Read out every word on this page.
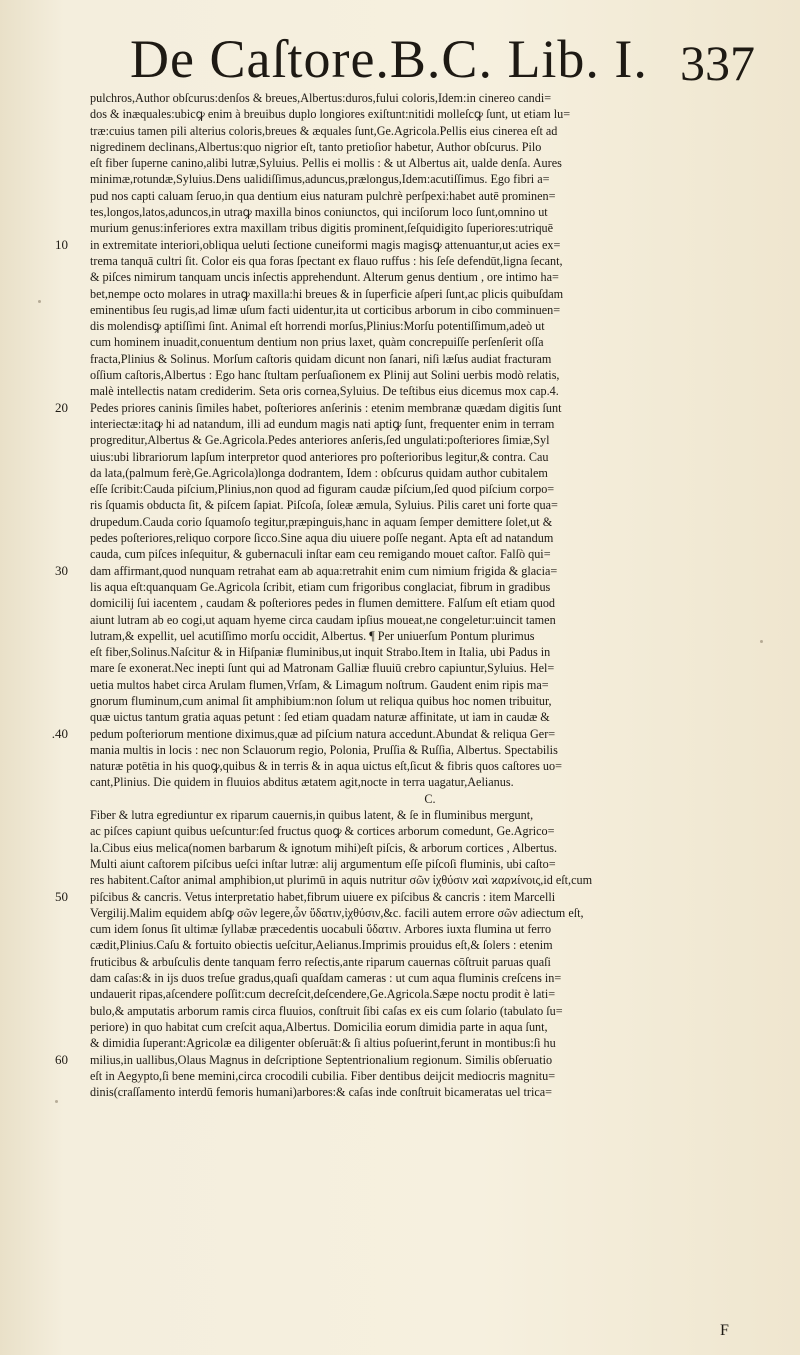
De Caſtore.B.C. Lib. I. 337
pulchros,Author obſcurus:denſos & breues,Albertus:duros,fului coloris,Idem:in cinereo candi=
dos & inæquales:ubicꝙ enim à breuibus duplo longiores exiſtunt:nitidi molleſcꝙ ſunt, ut etiam lu=
træ:cuius tamen pili alterius coloris,breues & æquales ſunt,Ge.Agricola.Pellis eius cinerea eſt ad
nigredinem declinans,Albertus:quo nigrior eſt, tanto pretioſior habetur, Author obſcurus. Pilo
eſt fiber ſuperne canino,alibi lutræ,Syluius. Pellis ei mollis : & ut Albertus ait, ualde denſa. Aures
minimæ,rotundæ,Syluius.Dens ualidiſſimus,aduncus,prælongus,Idem:acutiſſimus. Ego fibri a=
pud nos capti caluam ſeruo,in qua dentium eius naturam pulchrè perſpexi:habet autē prominen=
tes,longos,latos,aduncos,in utraꝙ maxilla binos coniunctos, qui inciſorum loco ſunt,omnino ut
murium genus:inferiores extra maxillam tribus digitis prominent,ſeſquidigito ſuperiores:utriquē
in extremitate interiori,obliqua ueluti ſectione cuneiformi magis magisꝙ attenuantur,ut acies ex=
trema tanquā cultri ſit. Color eis qua foras ſpectant ex flauo ruffus : his ſeſe defendūt,ligna ſecant,
& piſces nimirum tanquam uncis inſectis apprehendunt. Alterum genus dentium , ore intimo ha=
bet,nempe octo molares in utraꝙ maxilla:hi breues & in ſuperficie aſperi ſunt,ac plicis quibuſdam
eminentibus ſeu rugis,ad limæ uſum facti uidentur,ita ut corticibus arborum in cibo comminuen=
dis molendisꝙ aptiſſimi ſint. Animal eſt horrendi morſus,Plinius:Morſu potentiſſimum,adeò ut
cum hominem inuadit,conuentum dentium non prius laxet, quàm concrepuiſſe perſenſerit oſſa
fracta,Plinius & Solinus. Morſum caſtoris quidam dicunt non ſanari, niſi læſus audiat fracturam
oſſium caſtoris,Albertus : Ego hanc ſtultam perſuaſionem ex Plinij aut Solini uerbis modò relatis,
malè intellectis natam crediderim. Seta oris cornea,Syluius. De teſtibus eius dicemus mox cap.4.
Pedes priores caninis ſimiles habet, poſteriores anſerinis : etenim membranæ quædam digitis ſunt
interiectæ:itaꝙ hi ad natandum, illi ad eundum magis nati aptiꝙ ſunt, frequenter enim in terram
progreditur,Albertus & Ge.Agricola.Pedes anteriores anſeris,ſed ungulati:poſteriores ſimiæ,Syl
uius:ubi librariorum lapſum interpretor quod anteriores pro poſterioribus legitur,& contra. Cau
da lata,(palmum ferè,Ge.Agricola)longa dodrantem, Idem : obſcurus quidam author cubitalem
eſſe ſcribit:Cauda piſcium,Plinius,non quod ad figuram caudæ piſcium,ſed quod piſcium corpo=
ris ſquamis obducta ſit, & piſcem ſapiat. Piſcoſa, ſoleæ æmula, Syluius. Pilis caret uni forte qua=
drupedum.Cauda corio ſquamoſo tegitur,præpinguis,hanc in aquam ſemper demittere ſolet,ut &
pedes poſteriores,reliquo corpore ſicco.Sine aqua diu uiuere poſſe negant. Apta eſt ad natandum
cauda, cum piſces inſequitur, & gubernaculi inſtar eam ceu remigando mouet caſtor. Falſò qui=
dam affirmant,quod nunquam retrahat eam ab aqua:retrahit enim cum nimium frigida & glacia=
lis aqua eſt:quanquam Ge.Agricola ſcribit, etiam cum frigoribus conglaciat, fibrum in gradibus
domicilij ſui iacentem , caudam & poſteriores pedes in flumen demittere. Falſum eſt etiam quod
aiunt lutram ab eo cogi,ut aquam hyeme circa caudam ipſius moueat,ne congeletur:uincit tamen
lutram,& expellit, uel acutiſſimo morſu occidit, Albertus. ¶ Per uniuerſum Pontum plurimus
eſt fiber,Solinus.Naſcitur & in Hiſpaniæ fluminibus,ut inquit Strabo.Item in Italia, ubi Padus in
mare ſe exonerat.Nec inepti ſunt qui ad Matronam Galliæ fluuiū crebro capiuntur,Syluius. Hel=
uetia multos habet circa Arulam flumen,Vrſam, & Limagum noſtrum. Gaudent enim ripis ma=
gnorum fluminum,cum animal ſit amphibium:non ſolum ut reliqua quibus hoc nomen tribuitur,
quæ uictus tantum gratia aquas petunt : ſed etiam quadam naturæ affinitate, ut iam in caudæ &
pedum poſteriorum mentione diximus,quæ ad piſcium natura accedunt.Abundat & reliqua Ger=
mania multis in locis : nec non Sclauorum regio, Polonia, Pruſſia & Ruſſia, Albertus. Spectabilis
naturæ potētia in his quoꝙ,quibus & in terris & in aqua uictus eſt,ſicut & fibris quos caſtores uo=
cant,Plinius. Die quidem in fluuios abditus ætatem agit,nocte in terra uagatur,Aelianus.
C.
Fiber & lutra egrediuntur ex riparum cauernis,in quibus latent, & ſe in fluminibus mergunt,
ac piſces capiunt quibus ueſcuntur:ſed fructus quoꝙ & cortices arborum comedunt, Ge.Agrico=
la.Cibus eius melica(nomen barbarum & ignotum mihi)eſt piſcis, & arborum cortices , Albertus.
Multi aiunt caſtorem piſcibus ueſci inſtar lutræ: alij argumentum eſſe piſcoſi fluminis, ubi caſto=
res habitent.Caſtor animal amphibion,ut plurimū in aquis nutritur σῶν ἰχθύσιν ϰαὶ ϰαρϰίνοις,id eſt,cum
piſcibus & cancris. Vetus interpretatio habet,fibrum uiuere ex piſcibus & cancris : item Marcelli
Vergilij.Malim equidem abſꝙ σῶν legere,ὧν ὕδατιν,ἰχθύσιν,&c. facili autem errore σῶν adiectum eſt,
cum idem ſonus ſit ultimæ ſyllabæ præcedentis uocabuli ὕδατιν. Arbores iuxta flumina ut ferro
cædit,Plinius.Caſu & fortuito obiectis ueſcitur,Aelianus.Imprimis prouidus eſt,& ſolers : etenim
fruticibus & arbuſculis dente tanquam ferro reſectis,ante riparum cauernas cōſtruit paruas quaſi
dam caſas:& in ijs duos treſue gradus,quaſi quaſdam cameras : ut cum aqua fluminis creſcens in=
undauerit ripas,aſcendere poſſit:cum decreſcit,deſcendere,Ge.Agricola.Sæpe noctu prodit è lati=
bulo,& amputatis arborum ramis circa fluuios, conſtruit ſibi caſas ex eis cum ſolario (tabulato ſu=
periore) in quo habitat cum creſcit aqua,Albertus. Domicilia eorum dimidia parte in aqua ſunt,
& dimidia ſuperant:Agricolæ ea diligenter obſeruāt:& ſi altius poſuerint,ferunt in montibus:ſi hu
milius,in uallibus,Olaus Magnus in deſcriptione Septentrionalium regionum. Similis obſeruatio
eſt in Aegypto,ſi bene memini,circa crocodili cubilia. Fiber dentibus deijcit mediocris magnitu=
dinis(craſſamento interdū femoris humani)arbores:& caſas inde conſtruit bicameratas uel trica=
10
20
30
.40
50
60
F
